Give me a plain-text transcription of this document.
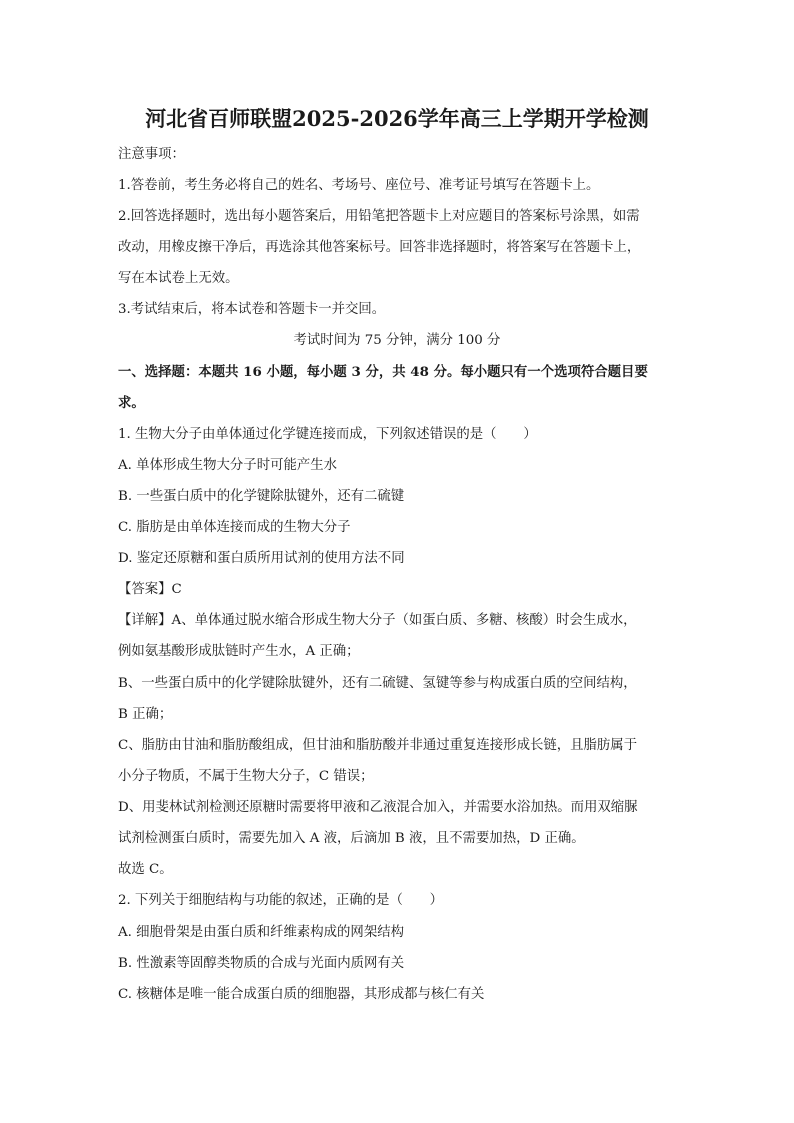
河北省百师联盟2025-2026学年高三上学期开学检测
注意事项：
1.答卷前，考生务必将自己的姓名、考场号、座位号、准考证号填写在答题卡上。
2.回答选择题时，选出每小题答案后，用铅笔把答题卡上对应题目的答案标号涂黑，如需
改动，用橡皮擦干净后，再选涂其他答案标号。回答非选择题时，将答案写在答题卡上，
写在本试卷上无效。
3.考试结束后，将本试卷和答题卡一并交回。
考试时间为 75 分钟，满分 100 分
一、选择题：本题共 16 小题，每小题 3 分，共 48 分。每小题只有一个选项符合题目要
求。
1. 生物大分子由单体通过化学键连接而成，下列叙述错误的是（　　）
A. 单体形成生物大分子时可能产生水
B. 一些蛋白质中的化学键除肽键外，还有二硫键
C. 脂肪是由单体连接而成的生物大分子
D. 鉴定还原糖和蛋白质所用试剂的使用方法不同
【答案】C
【详解】A、单体通过脱水缩合形成生物大分子（如蛋白质、多糖、核酸）时会生成水，
例如氨基酸形成肽链时产生水，A 正确；
B、一些蛋白质中的化学键除肽键外，还有二硫键、氢键等参与构成蛋白质的空间结构，
B 正确；
C、脂肪由甘油和脂肪酸组成，但甘油和脂肪酸并非通过重复连接形成长链，且脂肪属于
小分子物质，不属于生物大分子，C 错误；
D、用斐林试剂检测还原糖时需要将甲液和乙液混合加入，并需要水浴加热。而用双缩脲
试剂检测蛋白质时，需要先加入 A 液，后滴加 B 液，且不需要加热，D 正确。
故选 C。
2. 下列关于细胞结构与功能的叙述，正确的是（　　）
A. 细胞骨架是由蛋白质和纤维素构成的网架结构
B. 性激素等固醇类物质的合成与光面内质网有关
C. 核糖体是唯一能合成蛋白质的细胞器，其形成都与核仁有关
